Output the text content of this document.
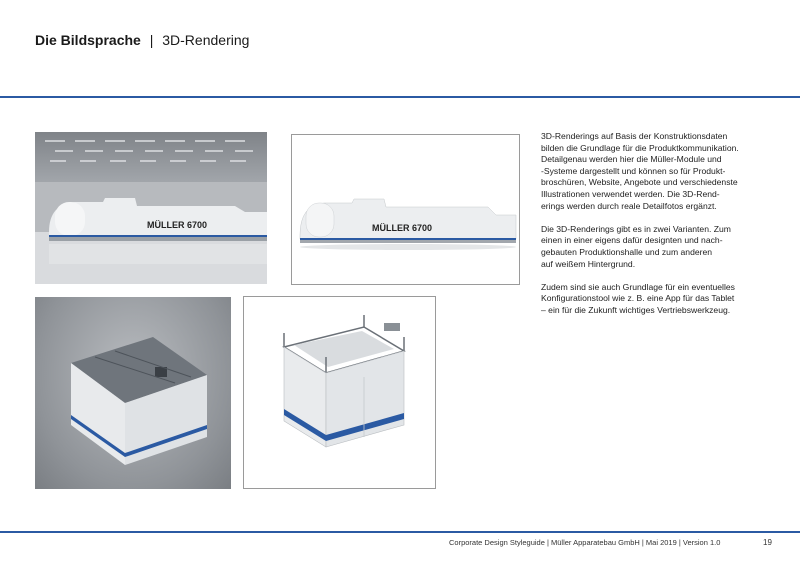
Die Bildsprache | 3D-Rendering
MÜLLER 6700	MÜLLER 6700

3D-Renderings auf Basis der Konstruktionsdaten
bilden die Grundlage für die Produktkommunikation.
Detailgenau werden hier die Müller-Module und
-Systeme dargestellt und können so für Produkt-
broschüren, Website, Angebote und verschiedenste
Illustrationen verwendet werden. Die 3D-Rend-
erings werden durch reale Detailfotos ergänzt.

Die 3D-Renderings gibt es in zwei Varianten. Zum
einen in einer eigens dafür designten und nach-
gebauten Produktionshalle und zum anderen
auf weißem Hintergrund.

Zudem sind sie auch Grundlage für ein eventuelles
Konfigurationstool wie z. B. eine App für das Tablet
– ein für die Zukunft wichtiges Vertriebswerkzeug.

Corporate Design Styleguide | Müller Apparatebau GmbH | Mai 2019 | Version 1.0	19
